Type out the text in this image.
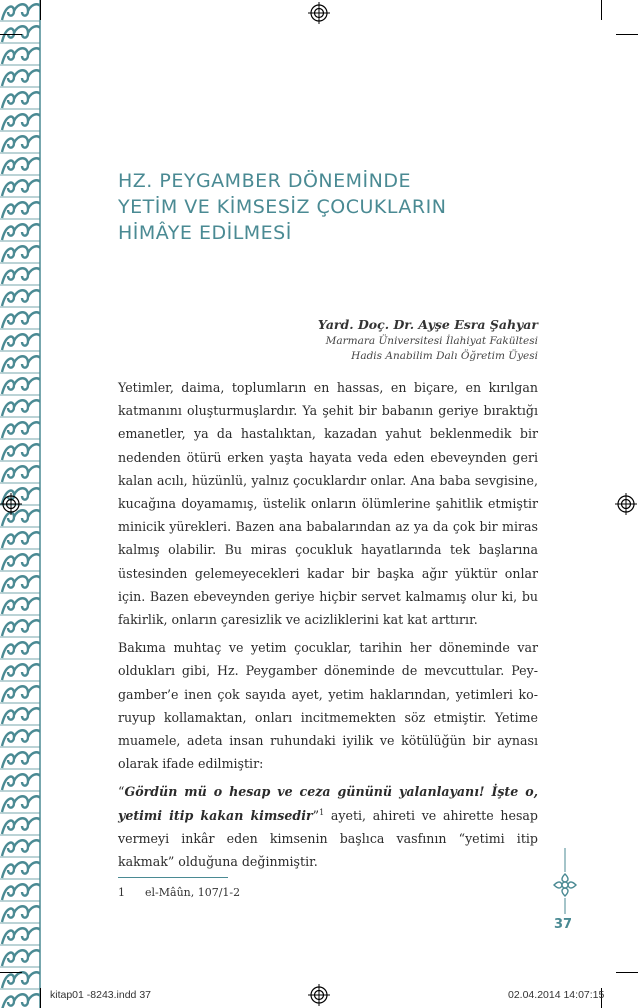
HZ. PEYGAMBER DÖNEMİNDE
YETİM VE KİMSESİZ ÇOCUKLARIN
HİMÂYE EDİLMESİ
Yard. Doç. Dr. Ayşe Esra Şahyar
Marmara Üniversitesi İlahiyat Fakültesi
Hadis Anabilim Dalı Öğretim Üyesi

Yetimler, daima, toplumların en hassas, en biçare, en kırılgan katmanını oluşturmuşlardır. Ya şehit bir babanın geriye bıraktığı emanetler, ya da hastalıktan, kazadan yahut beklenmedik bir nedenden ötürü erken yaşta hayata veda eden ebeveynden geri kalan acılı, hüzünlü, yalnız çocuklardır onlar. Ana baba sevgisine, kucağına doyamamış, üstelik onların ölümlerine şahitlik etmiştir minicik yürekleri. Bazen ana babalarından az ya da çok bir miras kalmış olabilir. Bu miras çocukluk hayatlarında tek başlarına üstesinden gelemeyecekleri kadar bir başka ağır yüktür onlar için. Bazen ebeveynden geriye hiçbir servet kalmamış olur ki, bu fakirlik, onların çaresizlik ve acizliklerini kat kat arttırır.

Bakıma muhtaç ve yetim çocuklar, tarihin her döneminde var oldukları gibi, Hz. Peygamber döneminde de mevcuttular. Peygamber’e inen çok sayıda ayet, yetim haklarından, yetimleri koruyup kollamaktan, onları incitmemekten söz etmiştir. Yetime muamele, adeta insan ruhundaki iyilik ve kötülüğün bir aynası olarak ifade edilmiştir:

“Gördün mü o hesap ve ceza gününü yalanlayanı! İşte o, yetimi itip kakan kimsedir”$^1$ ayeti, ahireti ve ahirette hesap vermeyi inkâr eden kimsenin başlıca vasfının “yetimi itip kakmak” olduğuna değinmiştir.

1 el-Mâûn, 107/1-2
37
kitap01 -8243.indd 37	02.04.2014 14:07:15
